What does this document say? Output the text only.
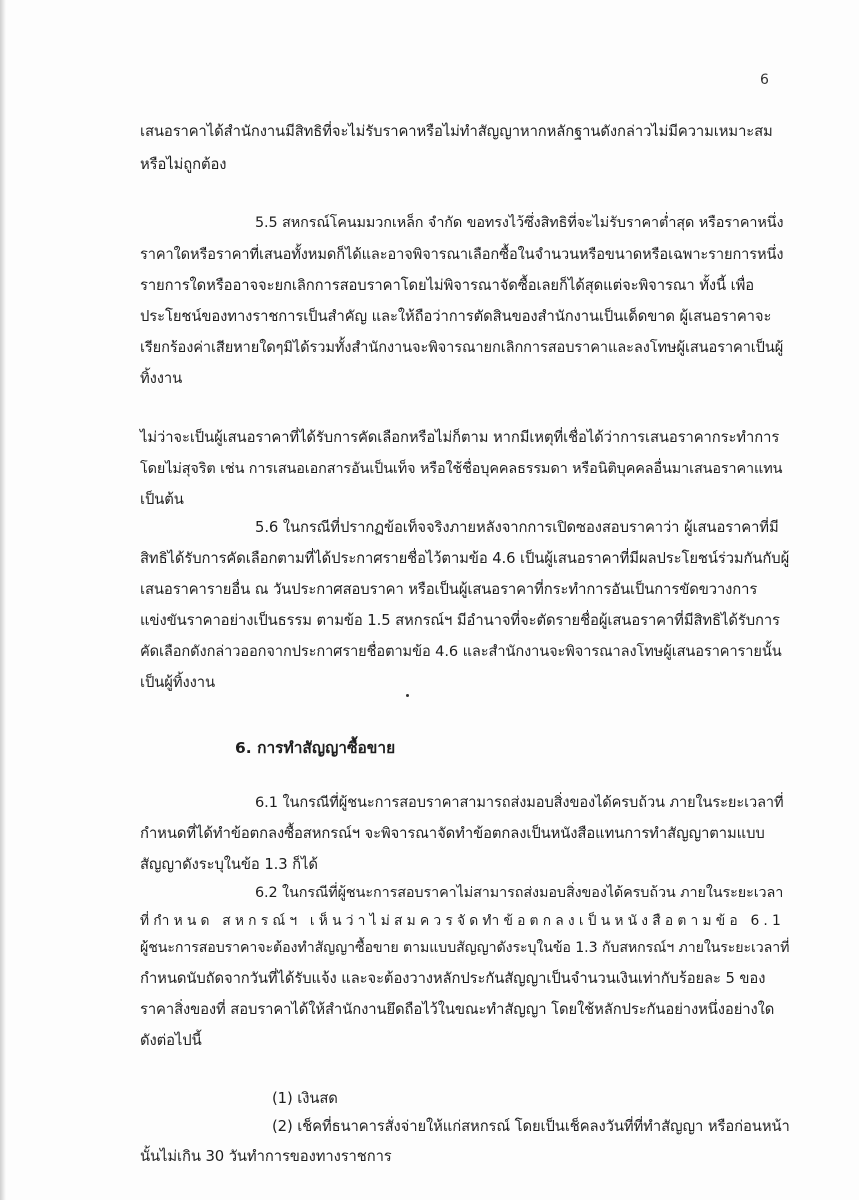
6
เสนอราคาได้สำนักงานมีสิทธิที่จะไม่รับราคาหรือไม่ทำสัญญาหากหลักฐานดังกล่าวไม่มีความเหมาะสม
หรือไม่ถูกต้อง
5.5 สหกรณ์โคนมมวกเหล็ก จำกัด ขอทรงไว้ซึ่งสิทธิที่จะไม่รับราคาต่ำสุด หรือราคาหนึ่ง
ราคาใดหรือราคาที่เสนอทั้งหมดก็ได้และอาจพิจารณาเลือกซื้อในจำนวนหรือขนาดหรือเฉพาะรายการหนึ่ง
รายการใดหรืออาจจะยกเลิกการสอบราคาโดยไม่พิจารณาจัดซื้อเลยก็ได้สุดแต่จะพิจารณา ทั้งนี้ เพื่อ
ประโยชน์ของทางราชการเป็นสำคัญ และให้ถือว่าการตัดสินของสำนักงานเป็นเด็ดขาด ผู้เสนอราคาจะ
เรียกร้องค่าเสียหายใดๆมิได้รวมทั้งสำนักงานจะพิจารณายกเลิกการสอบราคาและลงโทษผู้เสนอราคาเป็นผู้
ทิ้งงาน
ไม่ว่าจะเป็นผู้เสนอราคาที่ได้รับการคัดเลือกหรือไม่ก็ตาม หากมีเหตุที่เชื่อได้ว่าการเสนอราคากระทำการ
โดยไม่สุจริต เช่น การเสนอเอกสารอันเป็นเท็จ หรือใช้ชื่อบุคคลธรรมดา หรือนิติบุคคลอื่นมาเสนอราคาแทน
เป็นต้น
5.6 ในกรณีที่ปรากฏข้อเท็จจริงภายหลังจากการเปิดซองสอบราคาว่า ผู้เสนอราคาที่มี
สิทธิได้รับการคัดเลือกตามที่ได้ประกาศรายชื่อไว้ตามข้อ 4.6 เป็นผู้เสนอราคาที่มีผลประโยชน์ร่วมกันกับผู้
เสนอราคารายอื่น ณ วันประกาศสอบราคา หรือเป็นผู้เสนอราคาที่กระทำการอันเป็นการขัดขวางการ
แข่งขันราคาอย่างเป็นธรรม ตามข้อ 1.5 สหกรณ์ฯ มีอำนาจที่จะตัดรายชื่อผู้เสนอราคาที่มีสิทธิได้รับการ
คัดเลือกดังกล่าวออกจากประกาศรายชื่อตามข้อ 4.6 และสำนักงานจะพิจารณาลงโทษผู้เสนอราคารายนั้น
เป็นผู้ทิ้งงาน
6. การทำสัญญาซื้อขาย
6.1 ในกรณีที่ผู้ชนะการสอบราคาสามารถส่งมอบสิ่งของได้ครบถ้วน ภายในระยะเวลาที่
กำหนดที่ได้ทำข้อตกลงซื้อสหกรณ์ฯ จะพิจารณาจัดทำข้อตกลงเป็นหนังสือแทนการทำสัญญาตามแบบ
สัญญาดังระบุในข้อ 1.3 ก็ได้
6.2 ในกรณีที่ผู้ชนะการสอบราคาไม่สามารถส่งมอบสิ่งของได้ครบถ้วน ภายในระยะเวลา
ที่กำหนด สหกรณ์ฯ เห็นว่าไม่สมควรจัดทำข้อตกลงเป็นหนังสือตามข้อ 6.1
ผู้ชนะการสอบราคาจะต้องทำสัญญาซื้อขาย ตามแบบสัญญาดังระบุในข้อ 1.3 กับสหกรณ์ฯ ภายในระยะเวลาที่
กำหนดนับถัดจากวันที่ได้รับแจ้ง และจะต้องวางหลักประกันสัญญาเป็นจำนวนเงินเท่ากับร้อยละ 5 ของ
ราคาสิ่งของที่ สอบราคาได้ให้สำนักงานยึดถือไว้ในขณะทำสัญญา โดยใช้หลักประกันอย่างหนึ่งอย่างใด
ดังต่อไปนี้
(1) เงินสด
(2) เช็คที่ธนาคารสั่งจ่ายให้แก่สหกรณ์ โดยเป็นเช็คลงวันที่ที่ทำสัญญา หรือก่อนหน้า
นั้นไม่เกิน 30 วันทำการของทางราชการ
